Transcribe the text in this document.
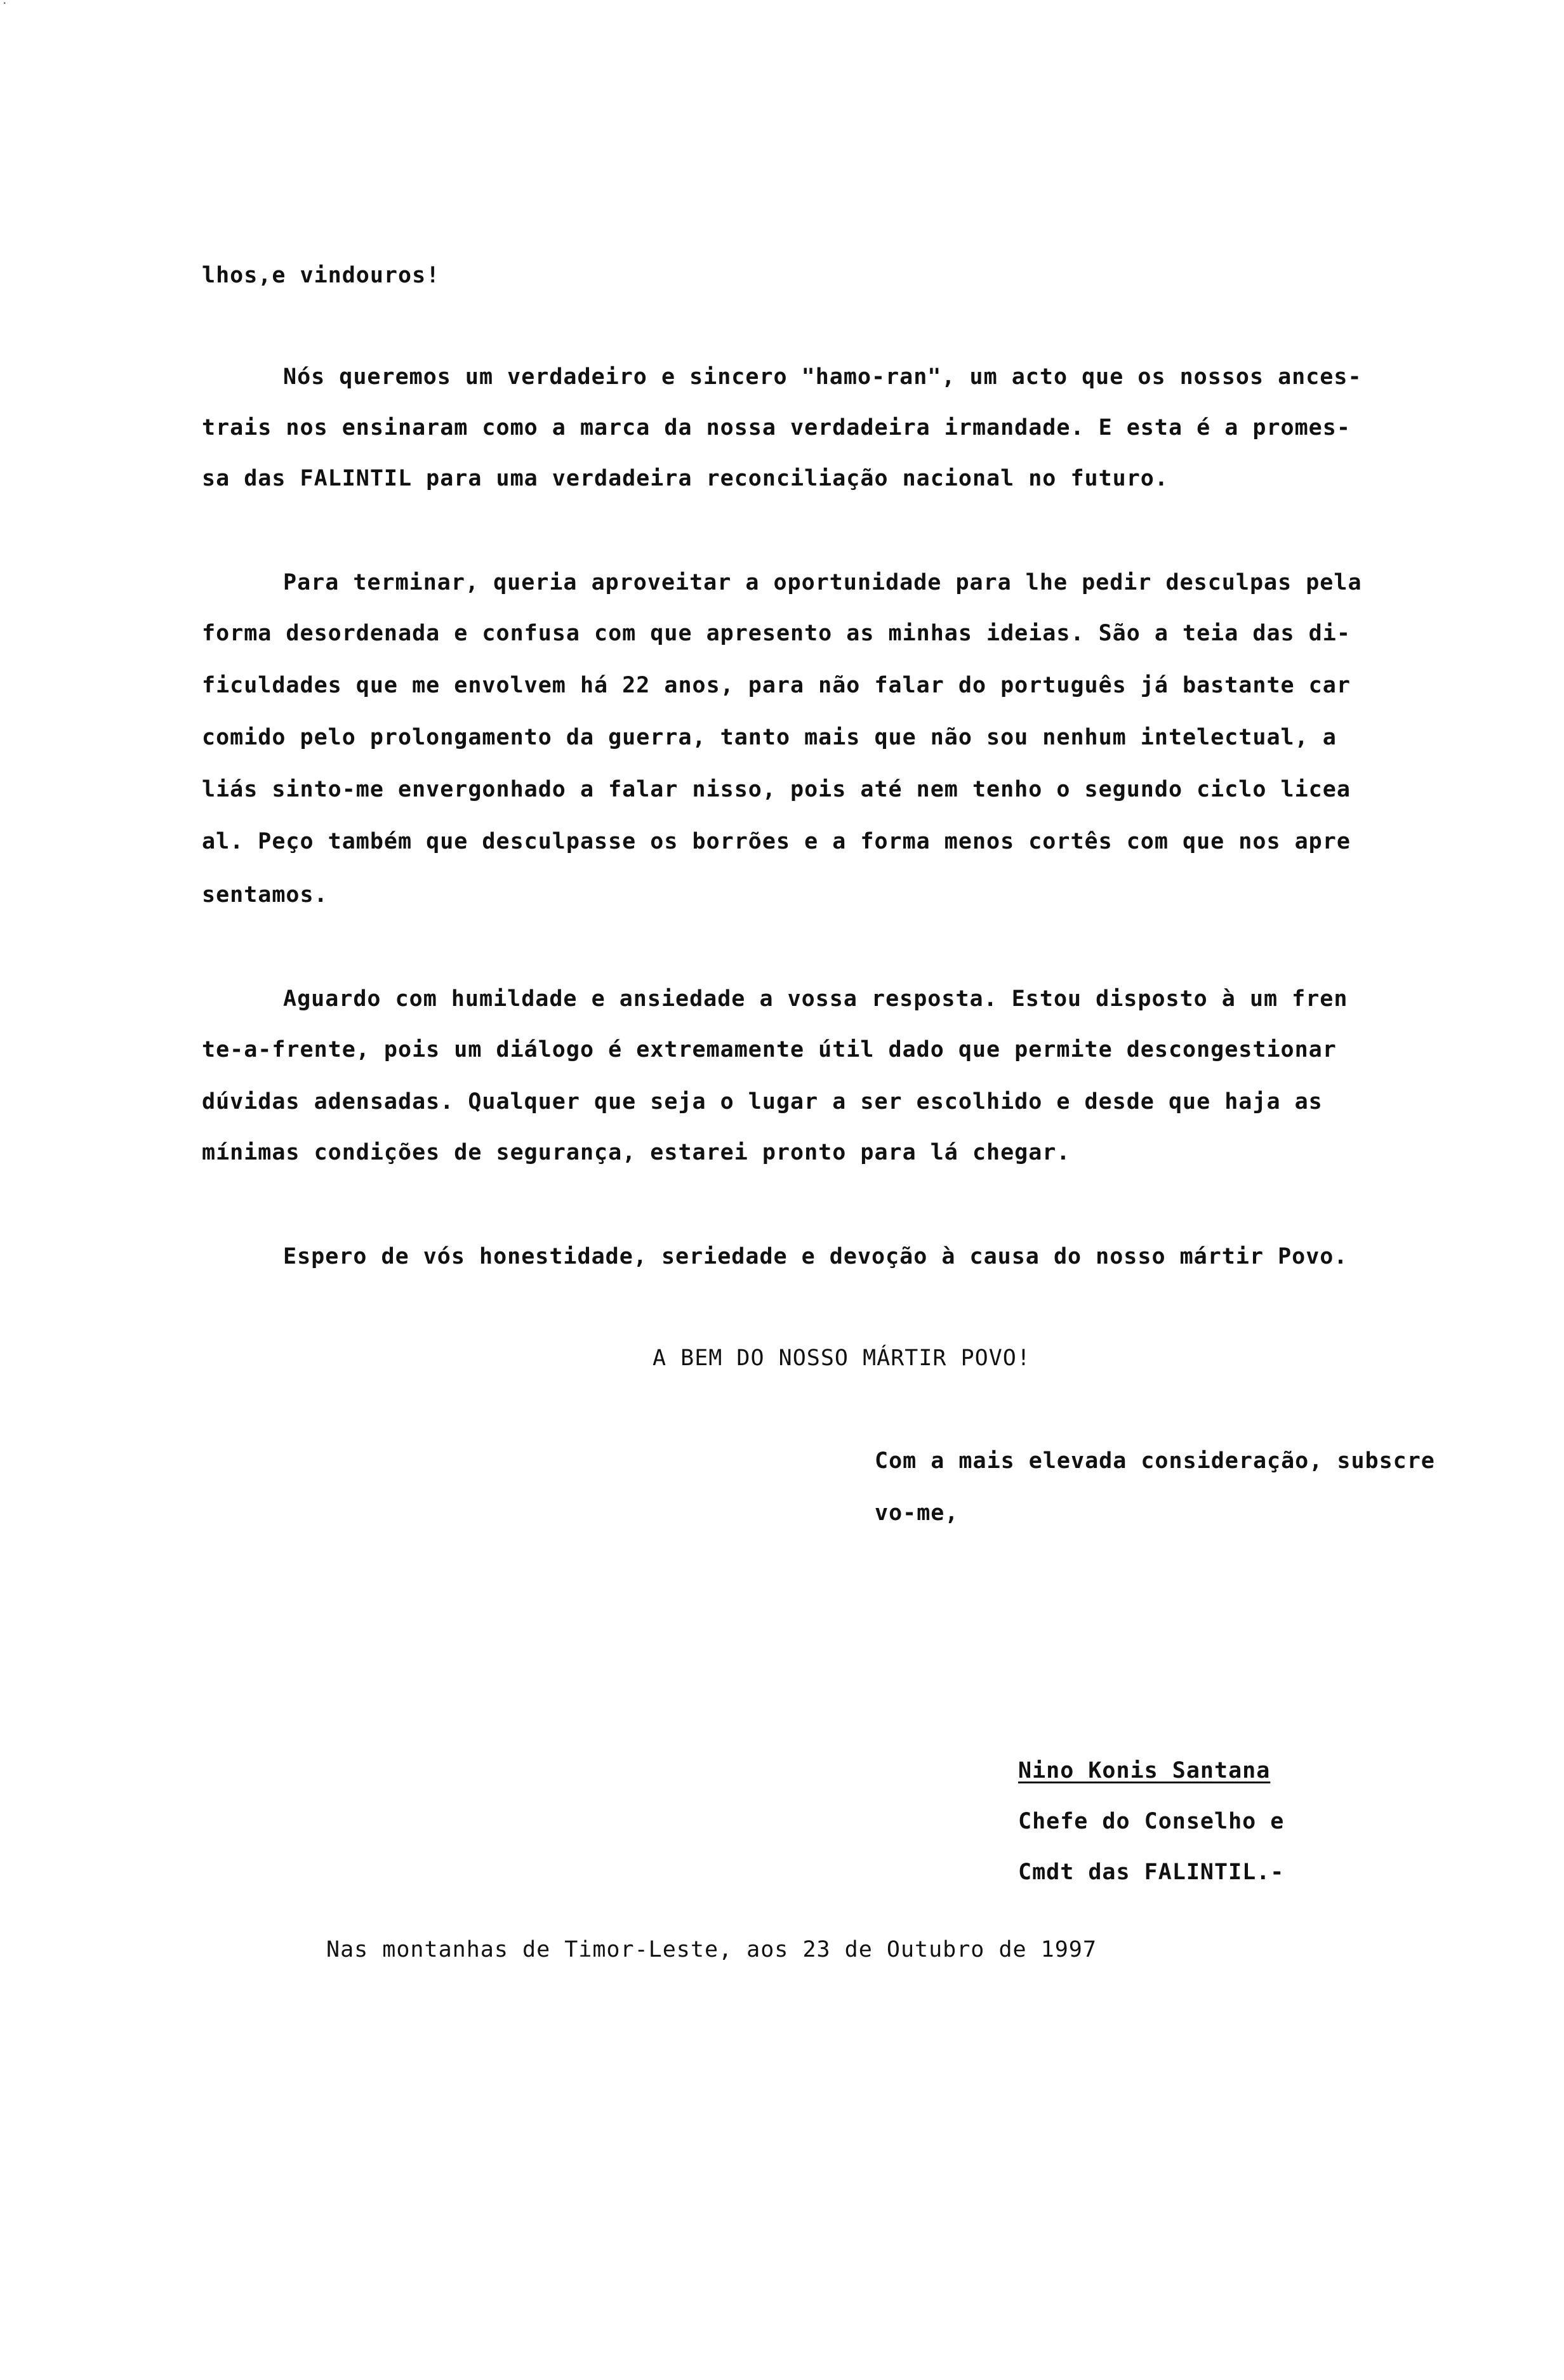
˙
lhos,e vindouros!
Nós queremos um verdadeiro e sincero "hamo-ran", um acto que os nossos ances-
trais nos ensinaram como a marca da nossa verdadeira irmandade. E esta é a promes-
sa das FALINTIL para uma verdadeira reconciliação nacional no futuro.
Para terminar, queria aproveitar a oportunidade para lhe pedir desculpas pela
forma desordenada e confusa com que apresento as minhas ideias. São a teia das di-
ficuldades que me envolvem há 22 anos, para não falar do português já bastante car
comido pelo prolongamento da guerra, tanto mais que não sou nenhum intelectual, a
liás sinto-me envergonhado a falar nisso, pois até nem tenho o segundo ciclo licea
al. Peço também que desculpasse os borrões e a forma menos cortês com que nos apre
sentamos.
Aguardo com humildade e ansiedade a vossa resposta. Estou disposto à um fren
te-a-frente, pois um diálogo é extremamente útil dado que permite descongestionar
dúvidas adensadas. Qualquer que seja o lugar a ser escolhido e desde que haja as
mínimas condições de segurança, estarei pronto para lá chegar.
Espero de vós honestidade, seriedade e devoção à causa do nosso mártir Povo.
A BEM DO NOSSO MÁRTIR POVO!
Com a mais elevada consideração, subscre
vo-me,
Nino Konis Santana
Chefe do Conselho e
Cmdt das FALINTIL.-
Nas montanhas de Timor-Leste, aos 23 de Outubro de 1997
